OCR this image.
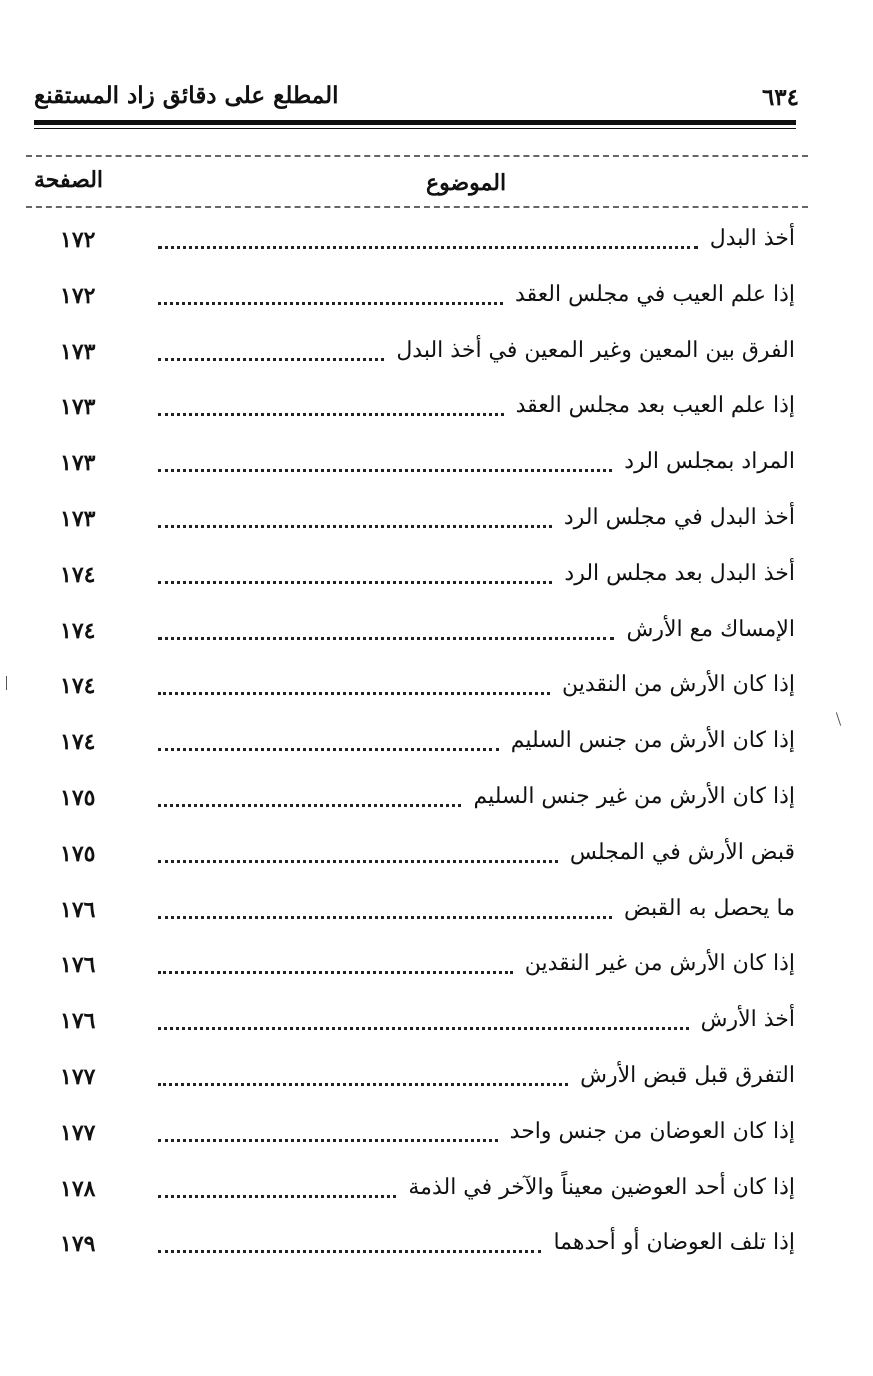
المطلع على دقائق زاد المستقنع	٦٣٤
الصفحة	الموضوع
أخذ البدل
١٧٢
إذا علم العيب في مجلس العقد
١٧٢
الفرق بين المعين وغير المعين في أخذ البدل
١٧٣
إذا علم العيب بعد مجلس العقد
١٧٣
المراد بمجلس الرد
١٧٣
أخذ البدل في مجلس الرد
١٧٣
أخذ البدل بعد مجلس الرد
١٧٤
الإمساك مع الأرش
١٧٤
إذا كان الأرش من النقدين
١٧٤
إذا كان الأرش من جنس السليم
١٧٤
إذا كان الأرش من غير جنس السليم
١٧٥
قبض الأرش في المجلس
١٧٥
ما يحصل به القبض
١٧٦
إذا كان الأرش من غير النقدين
١٧٦
أخذ الأرش
١٧٦
التفرق قبل قبض الأرش
١٧٧
إذا كان العوضان من جنس واحد
١٧٧
إذا كان أحد العوضين معيناً والآخر في الذمة
١٧٨
إذا تلف العوضان أو أحدهما
١٧٩
